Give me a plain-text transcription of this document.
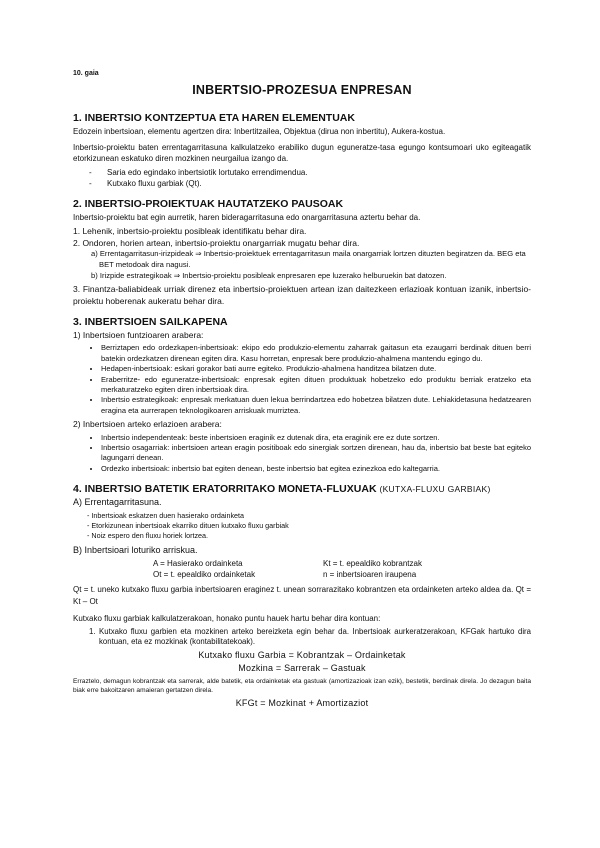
10. gaia
INBERTSIO-PROZESUA ENPRESAN
1. INBERTSIO KONTZEPTUA ETA HAREN ELEMENTUAK

Edozein inbertsioan, elementu agertzen dira: Inbertitzailea, Objektua (dirua non inbertitu), Aukera-kostua.

Inbertsio-proiektu baten errentagarritasuna kalkulatzeko erabiliko dugun eguneratze-tasa egungo kontsumoari uko egiteagatik etorkizunean eskatuko diren mozkinen neurgailua izango da.

- Saria edo egindako inbertsiotik lortutako errendimendua.
- Kutxako fluxu garbiak (Qt).
2. INBERTSIO-PROIEKTUAK HAUTATZEKO PAUSOAK

Inbertsio-proiektu bat egin aurretik, haren bideragarritasuna edo onargarritasuna aztertu behar da.

1. Lehenik, inbertsio-proiektu posibleak identifikatu behar dira.

2. Ondoren, horien artean, inbertsio-proiektu onargarriak mugatu behar dira.

a) Errentagarritasun-irizpideak ⇒ Inbertsio-proiektuek errentagarritasun maila onargarriak lortzen dituzten begiratzen da. BEG eta BET metodoak dira nagusi.

b) Irizpide estrategikoak ⇒ Inbertsio-proiektu posibleak enpresaren epe luzerako helburuekin bat datozen.

3. Finantza-baliabideak urriak direnez eta inbertsio-proiektuen artean izan daitezkeen erlazioak kontuan izanik, inbertsio-proiektu hoberenak aukeratu behar dira.

3. INBERTSIOEN SAILKAPENA

1) Inbertsioen funtzioaren arabera:

• Berriztapen edo ordezkapen-inbertsioak: ekipo edo produkzio-elementu zaharrak gaitasun eta ezaugarri berdinak dituen berri batekin ordezkatzen direnean egiten dira. Kasu horretan, enpresak bere produkzio-ahalmena mantendu egingo du.
• Hedapen-inbertsioak: eskari gorakor bati aurre egiteko. Produkzio-ahalmena handitzea bilatzen dute.
• Eraberritze- edo eguneratze-inbertsioak: enpresak egiten dituen produktuak hobetzeko edo produktu berriak eratzeko eta merkaturatzeko egiten diren inbertsioak dira.
• Inbertsio estrategikoak: enpresak merkatuan duen lekua berrindartzea edo hobetzea bilatzen dute. Lehiakidetasuna hedatzearen eragina eta aurrerapen teknologikoaren arriskuak murriztea.

2) Inbertsioen arteko erlazioen arabera:

• Inbertsio independenteak: beste inbertsioen eraginik ez dutenak dira, eta eraginik ere ez dute sortzen.
• Inbertsio osagarriak: inbertsioen artean eragin positiboak edo sinergiak sortzen direnean, hau da, inbertsio bat beste bat egiteko lagungarri denean.
• Ordezko inbertsioak: inbertsio bat egiten denean, beste inbertsio bat egitea ezinezkoa edo kaltegarria.
4. INBERTSIO BATETIK ERATORRITAKO MONETA-FLUXUAK (KUTXA-FLUXU GARBIAK)

A) Errentagarritasuna.

- Inbertsioak eskatzen duen hasierako ordainketa
- Etorkizunean inbertsioak ekarriko dituen kutxako fluxu garbiak
- Noiz espero den fluxu horiek lortzea.

B) Inbertsioari loturiko arriskua.

A = Hasierako ordainketa	Kt = t. epealdiko kobrantzak
Ot = t. epealdiko ordainketak	n = inbertsioaren iraupena

Qt = t. uneko kutxako fluxu garbia inbertsioaren eraginez t. unean sorrarazitako kobrantzen eta ordainketen arteko aldea da. Qt = Kt – Ot

Kutxako fluxu garbiak kalkulatzerakoan, honako puntu hauek hartu behar dira kontuan:

1. Kutxako fluxu garbien eta mozkinen arteko bereizketa egin behar da. Inbertsioak aurkeratzerakoan, KFGak hartuko dira kontuan, eta ez mozkinak (kontabilitatekoak).

Kutxako fluxu Garbia = Kobrantzak – Ordainketak
Mozkina = Sarrerak – Gastuak

Erraztelo, demagun kobrantzak eta sarrerak, alde batetik, eta ordainketak eta gastuak (amortizazioak izan ezik), bestetik, berdinak direla. Jo dezagun baita biak erre bakoitzaren amaieran gertatzen direla.

KFGt = Mozkinat + Amortizaziot
